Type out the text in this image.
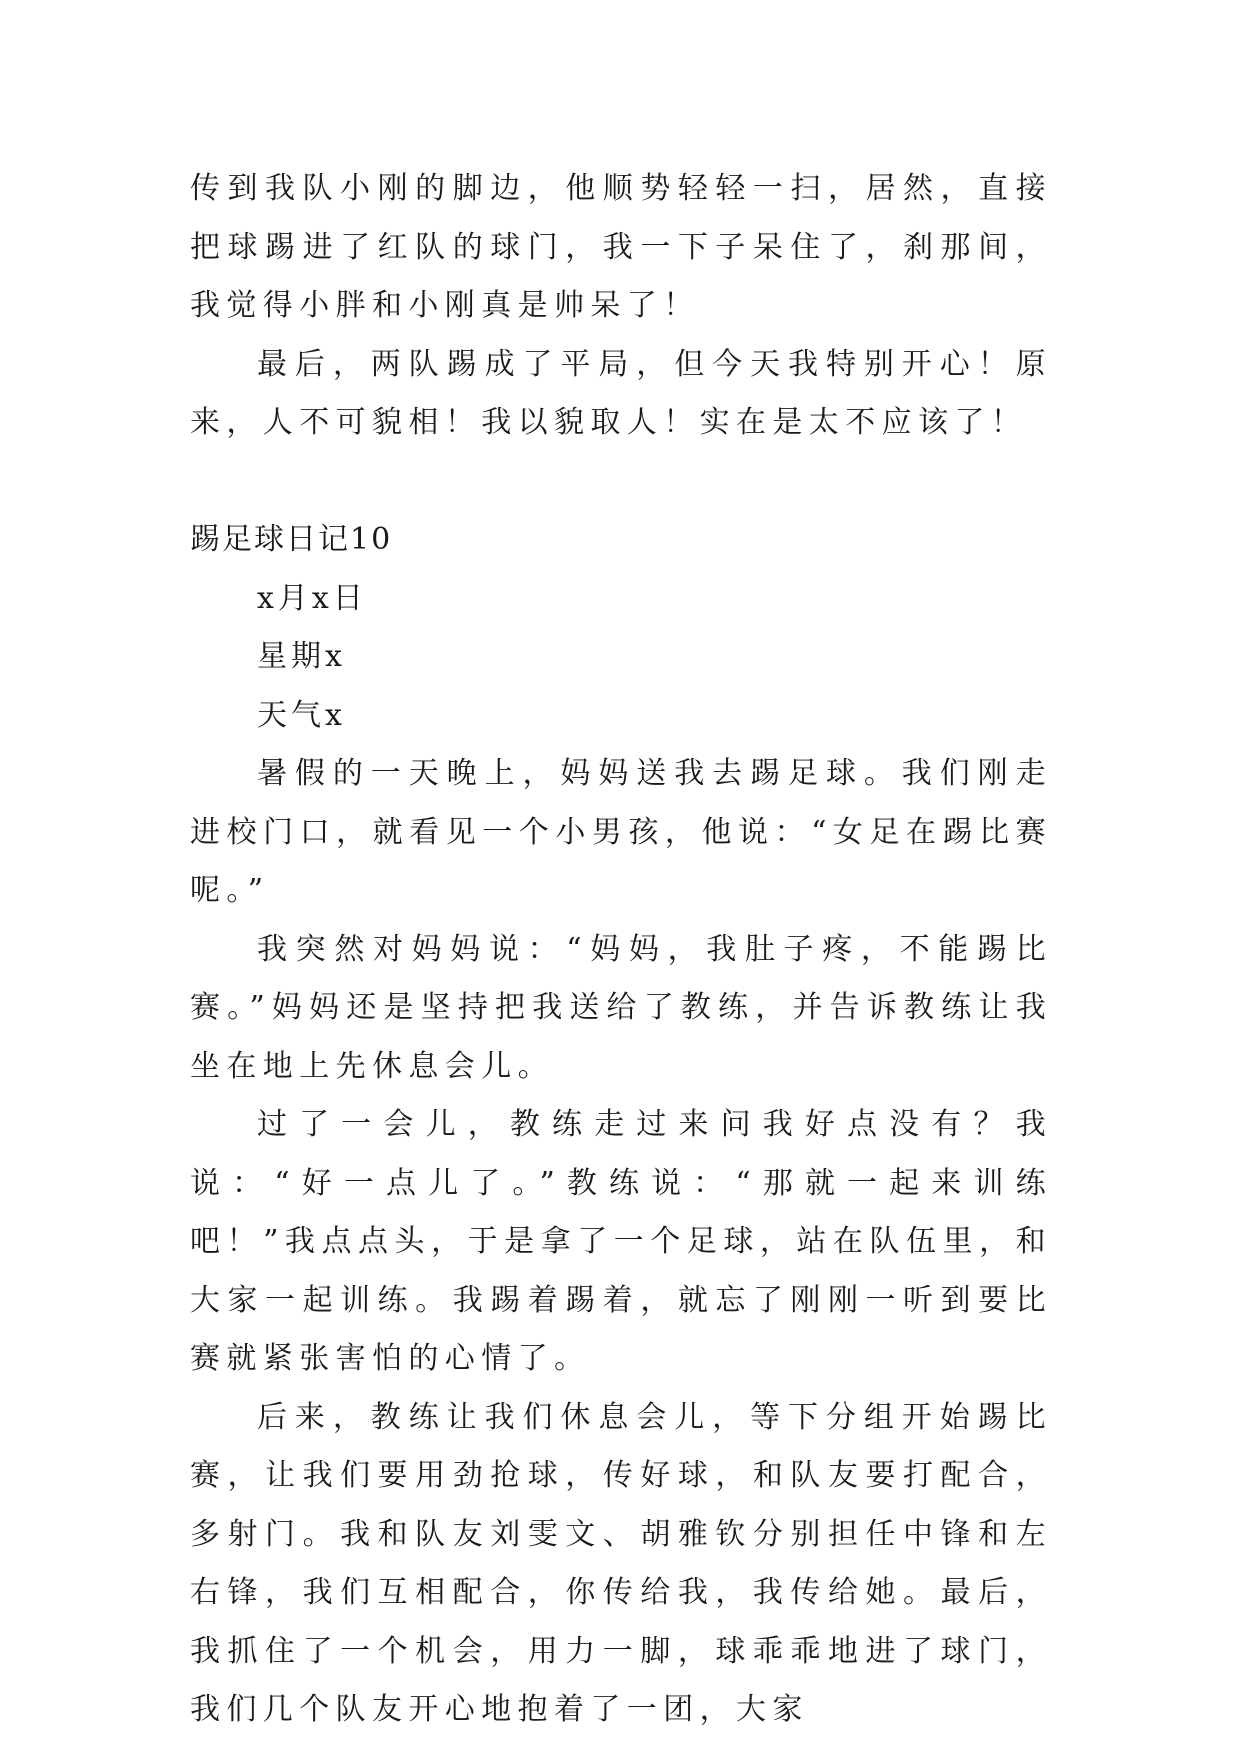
传到我队小刚的脚边，他顺势轻轻一扫，居然，直接把球踢进了红队的球门，我一下子呆住了，刹那间，我觉得小胖和小刚真是帅呆了！

最后，两队踢成了平局，但今天我特别开心！原来，人不可貌相！我以貌取人！实在是太不应该了！

踢足球日记10

x月x日

星期x

天气x

暑假的一天晚上，妈妈送我去踢足球。我们刚走进校门口，就看见一个小男孩，他说：“女足在踢比赛呢。”

我突然对妈妈说：“妈妈，我肚子疼，不能踢比赛。”妈妈还是坚持把我送给了教练，并告诉教练让我坐在地上先休息会儿。

过了一会儿，教练走过来问我好点没有？我说：“好一点儿了。”教练说：“那就一起来训练吧！”我点点头，于是拿了一个足球，站在队伍里，和大家一起训练。我踢着踢着，就忘了刚刚一听到要比赛就紧张害怕的心情了。

后来，教练让我们休息会儿，等下分组开始踢比赛，让我们要用劲抢球，传好球，和队友要打配合，多射门。我和队友刘雯文、胡雅钦分别担任中锋和左右锋，我们互相配合，你传给我，我传给她。最后，我抓住了一个机会，用力一脚，球乖乖地进了球门，我们几个队友开心地抱着了一团，大家
